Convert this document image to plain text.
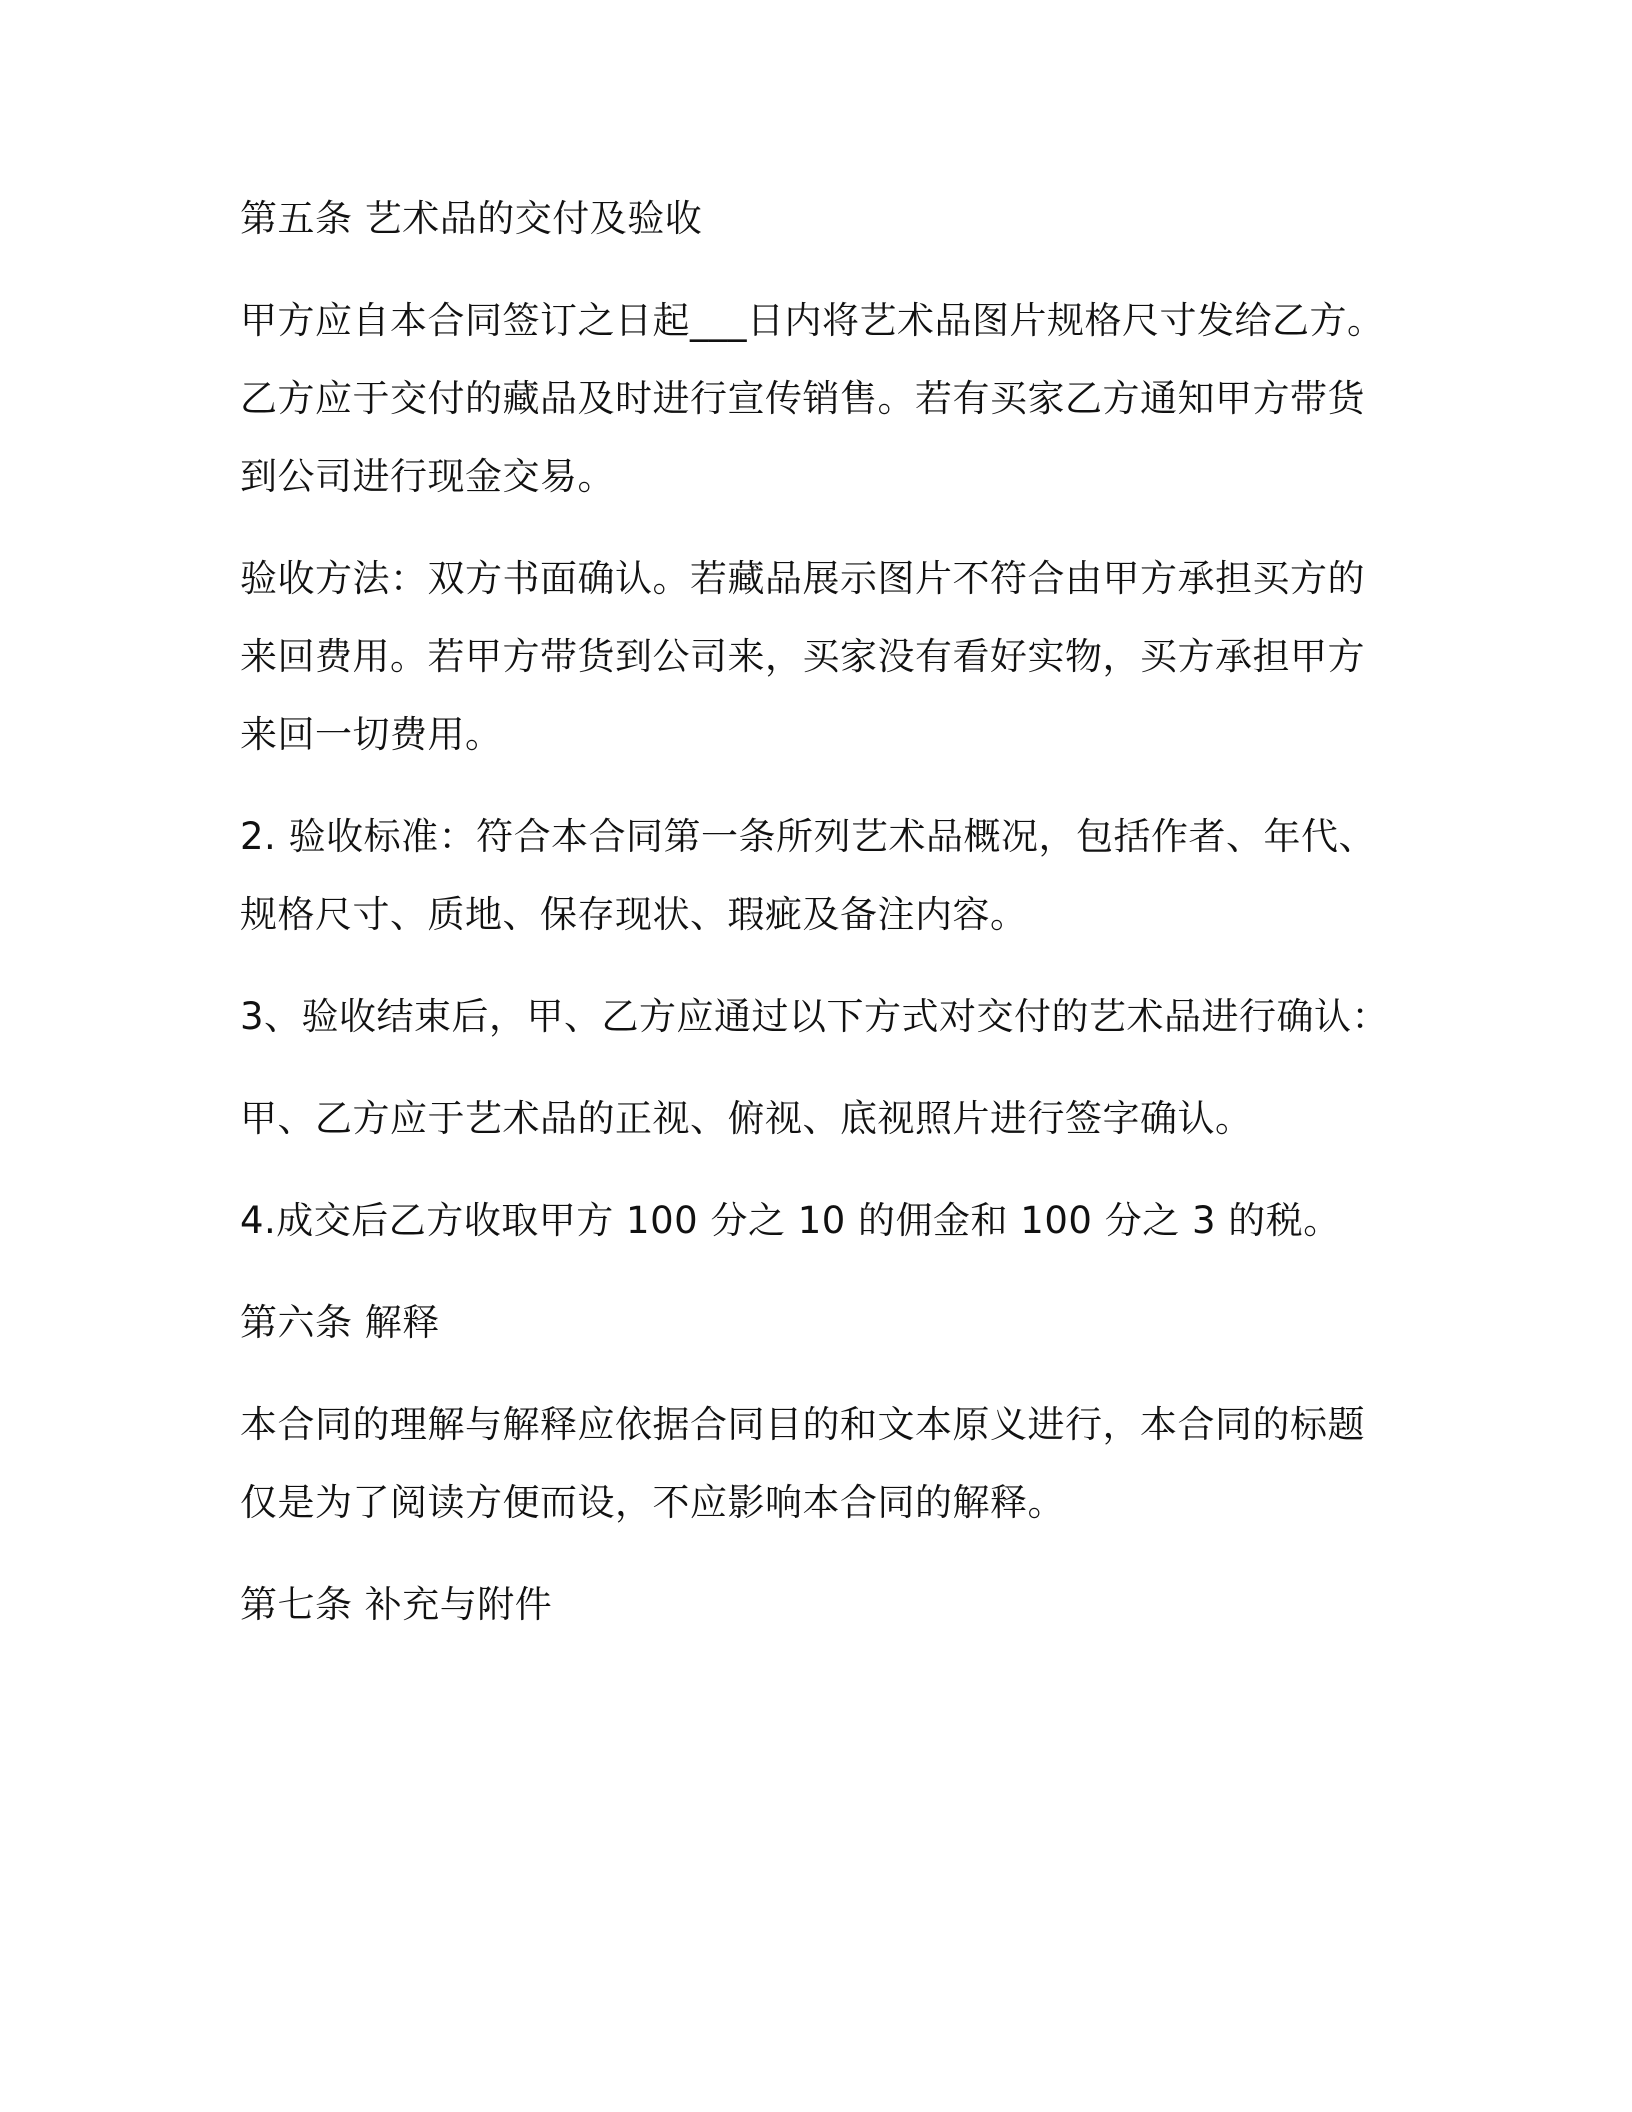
第五条 艺术品的交付及验收
甲方应自本合同签订之日起___日内将艺术品图片规格尺寸发给乙方。
乙方应于交付的藏品及时进行宣传销售。若有买家乙方通知甲方带货
到公司进行现金交易。
验收方法：双方书面确认。若藏品展示图片不符合由甲方承担买方的
来回费用。若甲方带货到公司来，买家没有看好实物，买方承担甲方
来回一切费用。
2. 验收标准：符合本合同第一条所列艺术品概况，包括作者、年代、
规格尺寸、质地、保存现状、瑕疵及备注内容。
3、验收结束后，甲、乙方应通过以下方式对交付的艺术品进行确认：
甲、乙方应于艺术品的正视、俯视、底视照片进行签字确认。
4.成交后乙方收取甲方 100 分之 10 的佣金和 100 分之 3 的税。
第六条 解释
本合同的理解与解释应依据合同目的和文本原义进行，本合同的标题
仅是为了阅读方便而设，不应影响本合同的解释。
第七条 补充与附件
